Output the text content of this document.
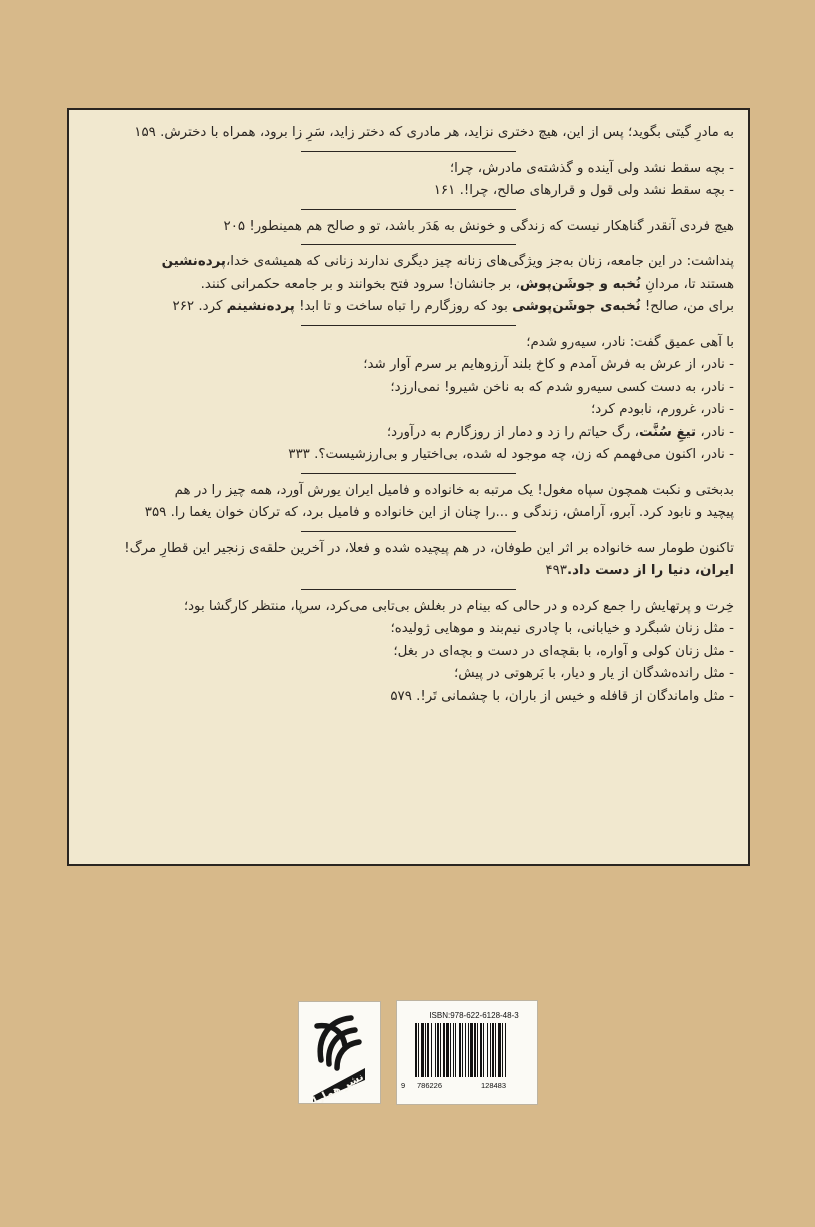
به مادرِ گیتی بگوید؛ پس از این، هیچ دختری نزاید، هر مادری که دختر زاید، سَرِ زا برود، همراه با دخترش. ۱۵۹
- بچه سقط نشد ولی آینده و گذشته‌ی مادرش، چرا؛
- بچه سقط نشد ولی قول و قرارهای صالح، چرا!. ۱۶۱
هیچ فردی آنقدر گناهکار نیست که زندگی و خونش به هَدَر باشد، تو و صالح هم همینطور! ۲۰۵
پنداشت: در این جامعه، زنان به‌جز ویژگی‌های زنانه چیز دیگری ندارند زنانی که همیشه‌ی خدا،پرده‌نشین
هستند تا، مردانِ نُخبه و جوشَن‌پوش، بر جانشان! سرود فتح بخوانند و بر جامعه حکمرانی کنند.
برای من، صالح! نُخبه‌ی جوشَن‌پوشی بود که روزگارم را تباه ساخت و تا ابد! پرده‌نشینم کرد. ۲۶۲
با آهی عمیق گفت: نادر، سیه‌رو شدم؛
- نادر، از عرش به فرش آمدم و کاخ بلند آرزوهایم بر سرم آوار شد؛
- نادر، به دست کسی سیه‌رو شدم که به ناخن شیرو! نمی‌ارزد؛
- نادر، غرورم، نابودم کرد؛
- نادر، تیغِ سُنَّت، رگ حیاتم را زد و دمار از روزگارم به درآورد؛
- نادر، اکنون می‌فهمم که زن، چه موجود له شده، بی‌اختیار و بی‌ارزشیست؟. ۳۳۳
بدبختی و نکبت همچون سپاه مغول! یک مرتبه به خانواده و فامیل ایران یورش آورد، همه چیز را در هم
پیچید و نابود کرد. آبرو، آرامش، زندگی و ...را چنان از این خانواده و فامیل برد، که ترکان خوان یغما را. ۳۵۹
تاکنون طومار سه خانواده بر اثر این طوفان، در هم پیچیده شده و فعلا، در آخرین حلقه‌ی زنجیر این قطارِ مرگ!
ایران، دنیا را از دست داد.۴۹۳
خِرت و پرتهایش را جمع کرده و در حالی که بینام در بغلش بی‌تابی می‌کرد، سرپا، منتظر کارگشا بود؛
- مثل زنان شبگرد و خیابانی، با چادری نیم‌بند و موهایی ژولیده؛
- مثل زنان کولی و آواره، با بقچه‌ای در دست و بچه‌ای در بغل؛
- مثل رانده‌شدگان از یار و دیار، با بَرهوتی در پیش؛
- مثل واماندگان از قافله و خیس از باران، با چشمانی تَر!. ۵۷۹
نشر همارا
ISBN:978-622-6128-48-3
9 786226	128483
